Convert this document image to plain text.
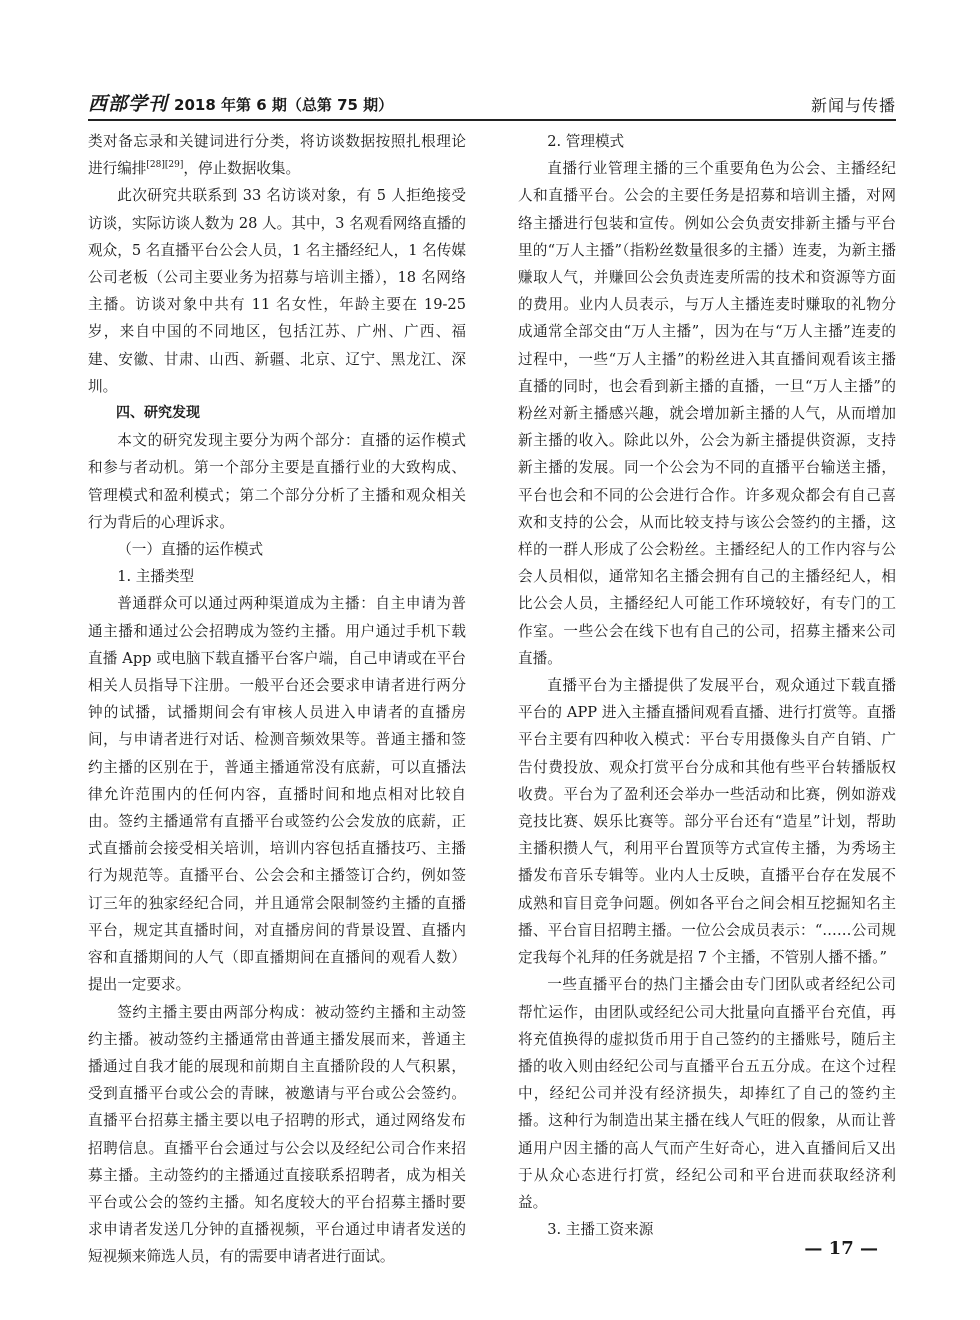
西部学刊 2018 年第 6 期（总第 75 期）	新闻与传播

类对备忘录和关键词进行分类，将访谈数据按照扎根理论进行编排[28][29]，停止数据收集。

此次研究共联系到 33 名访谈对象，有 5 人拒绝接受访谈，实际访谈人数为 28 人。其中，3 名观看网络直播的观众，5 名直播平台公会人员，1 名主播经纪人，1 名传媒公司老板（公司主要业务为招募与培训主播），18 名网络主播。访谈对象中共有 11 名女性，年龄主要在 19-25 岁，来自中国的不同地区，包括江苏、广州、广西、福建、安徽、甘肃、山西、新疆、北京、辽宁、黑龙江、深圳。

四、研究发现

本文的研究发现主要分为两个部分：直播的运作模式和参与者动机。第一个部分主要是直播行业的大致构成、管理模式和盈利模式；第二个部分分析了主播和观众相关行为背后的心理诉求。

（一）直播的运作模式

1. 主播类型

普通群众可以通过两种渠道成为主播：自主申请为普通主播和通过公会招聘成为签约主播。用户通过手机下载直播 App 或电脑下载直播平台客户端，自己申请或在平台相关人员指导下注册。一般平台还会要求申请者进行两分钟的试播，试播期间会有审核人员进入申请者的直播房间，与申请者进行对话、检测音频效果等。普通主播和签约主播的区别在于，普通主播通常没有底薪，可以直播法律允许范围内的任何内容，直播时间和地点相对比较自由。签约主播通常有直播平台或签约公会发放的底薪，正式直播前会接受相关培训，培训内容包括直播技巧、主播行为规范等。直播平台、公会会和主播签订合约，例如签订三年的独家经纪合同，并且通常会限制签约主播的直播平台，规定其直播时间，对直播房间的背景设置、直播内容和直播期间的人气（即直播期间在直播间的观看人数）提出一定要求。

签约主播主要由两部分构成：被动签约主播和主动签约主播。被动签约主播通常由普通主播发展而来，普通主播通过自我才能的展现和前期自主直播阶段的人气积累，受到直播平台或公会的青睐，被邀请与平台或公会签约。直播平台招募主播主要以电子招聘的形式，通过网络发布招聘信息。直播平台会通过与公会以及经纪公司合作来招募主播。主动签约的主播通过直接联系招聘者，成为相关平台或公会的签约主播。知名度较大的平台招募主播时要求申请者发送几分钟的直播视频，平台通过申请者发送的短视频来筛选人员，有的需要申请者进行面试。

2. 管理模式

直播行业管理主播的三个重要角色为公会、主播经纪人和直播平台。公会的主要任务是招募和培训主播，对网络主播进行包装和宣传。例如公会负责安排新主播与平台里的“万人主播”（指粉丝数量很多的主播）连麦，为新主播赚取人气，并赚回公会负责连麦所需的技术和资源等方面的费用。业内人员表示，与万人主播连麦时赚取的礼物分成通常全部交由“万人主播”，因为在与“万人主播”连麦的过程中，一些“万人主播”的粉丝进入其直播间观看该主播直播的同时，也会看到新主播的直播，一旦“万人主播”的粉丝对新主播感兴趣，就会增加新主播的人气，从而增加新主播的收入。除此以外，公会为新主播提供资源，支持新主播的发展。同一个公会为不同的直播平台输送主播，平台也会和不同的公会进行合作。许多观众都会有自己喜欢和支持的公会，从而比较支持与该公会签约的主播，这样的一群人形成了公会粉丝。主播经纪人的工作内容与公会人员相似，通常知名主播会拥有自己的主播经纪人，相比公会人员，主播经纪人可能工作环境较好，有专门的工作室。一些公会在线下也有自己的公司，招募主播来公司直播。

直播平台为主播提供了发展平台，观众通过下载直播平台的 APP 进入主播直播间观看直播、进行打赏等。直播平台主要有四种收入模式：平台专用摄像头自产自销、广告付费投放、观众打赏平台分成和其他有些平台转播版权收费。平台为了盈利还会举办一些活动和比赛，例如游戏竞技比赛、娱乐比赛等。部分平台还有“造星”计划，帮助主播积攒人气，利用平台置顶等方式宣传主播，为秀场主播发布音乐专辑等。业内人士反映，直播平台存在发展不成熟和盲目竞争问题。例如各平台之间会相互挖掘知名主播、平台盲目招聘主播。一位公会成员表示：“……公司规定我每个礼拜的任务就是招 7 个主播，不管别人播不播。”

一些直播平台的热门主播会由专门团队或者经纪公司帮忙运作，由团队或经纪公司大批量向直播平台充值，再将充值换得的虚拟货币用于自己签约的主播账号，随后主播的收入则由经纪公司与直播平台五五分成。在这个过程中，经纪公司并没有经济损失，却捧红了自己的签约主播。这种行为制造出某主播在线人气旺的假象，从而让普通用户因主播的高人气而产生好奇心，进入直播间后又出于从众心态进行打赏，经纪公司和平台进而获取经济利益。

3. 主播工资来源

— 17 —
